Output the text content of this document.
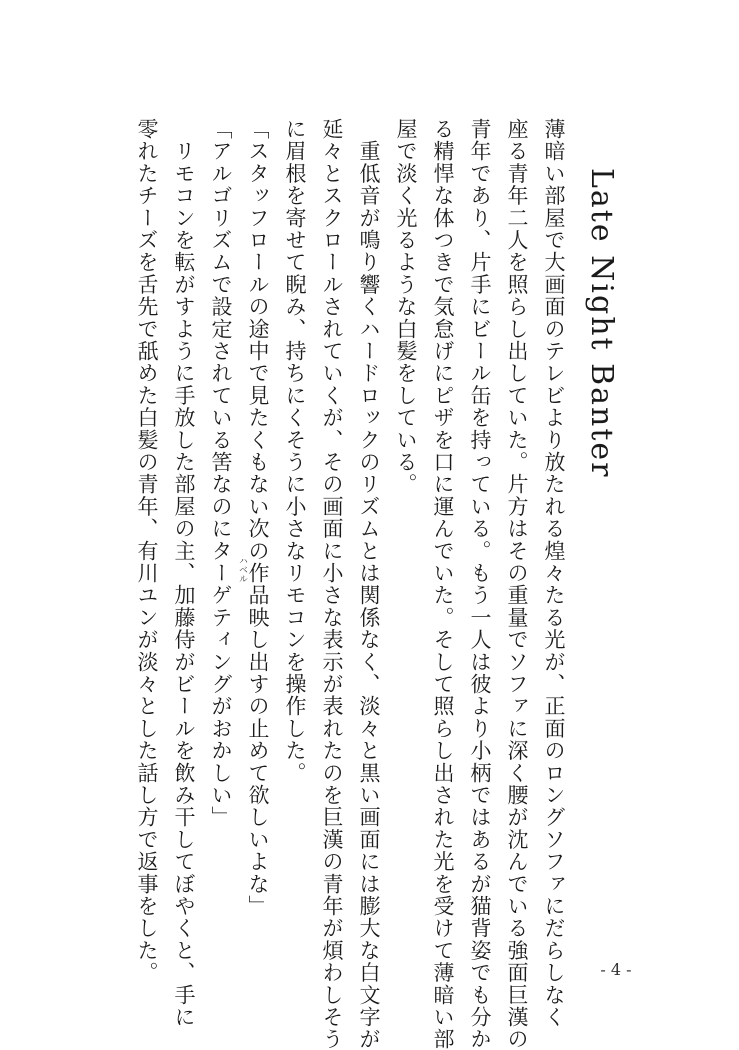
Late Night Banter
薄暗い部屋で大画面のテレビより放たれる煌々たる光が、正面のロングソファにだらしなく
座る青年二人を照らし出していた。片方はその重量でソファに深く腰が沈んでいる強面巨漢の
青年であり、片手にビール缶を持っている。もう一人は彼より小柄ではあるが猫背姿でも分か
る精悍な体つきで気怠げにピザを口に運んでいた。そして照らし出された光を受けて薄暗い部
屋で淡く光るような白髪をしている。
　重低音が鳴り響くハードロックのリズムとは関係なく、淡々と黒い画面には膨大な白文字が
延々とスクロールされていくが、その画面に小さな表示が表れたのを巨漢の青年が煩わしそう
に眉根を寄せて睨み、持ちにくそうに小さなリモコンを操作した。
「スタッフロールの途中で見たくもない次の作品映し出すの止めて欲しいよな」
「アルゴリズムで設定されている筈なのにターゲティングがおかしい」
　リモコンを転がすように手放した部屋の主、加藤侍がビールを飲み干してぼやくと、手に
零れたチーズを舌先で舐めた白髪の青年、有川ユンが淡々とした話し方で返事をした。	ハベル
- 4 -
